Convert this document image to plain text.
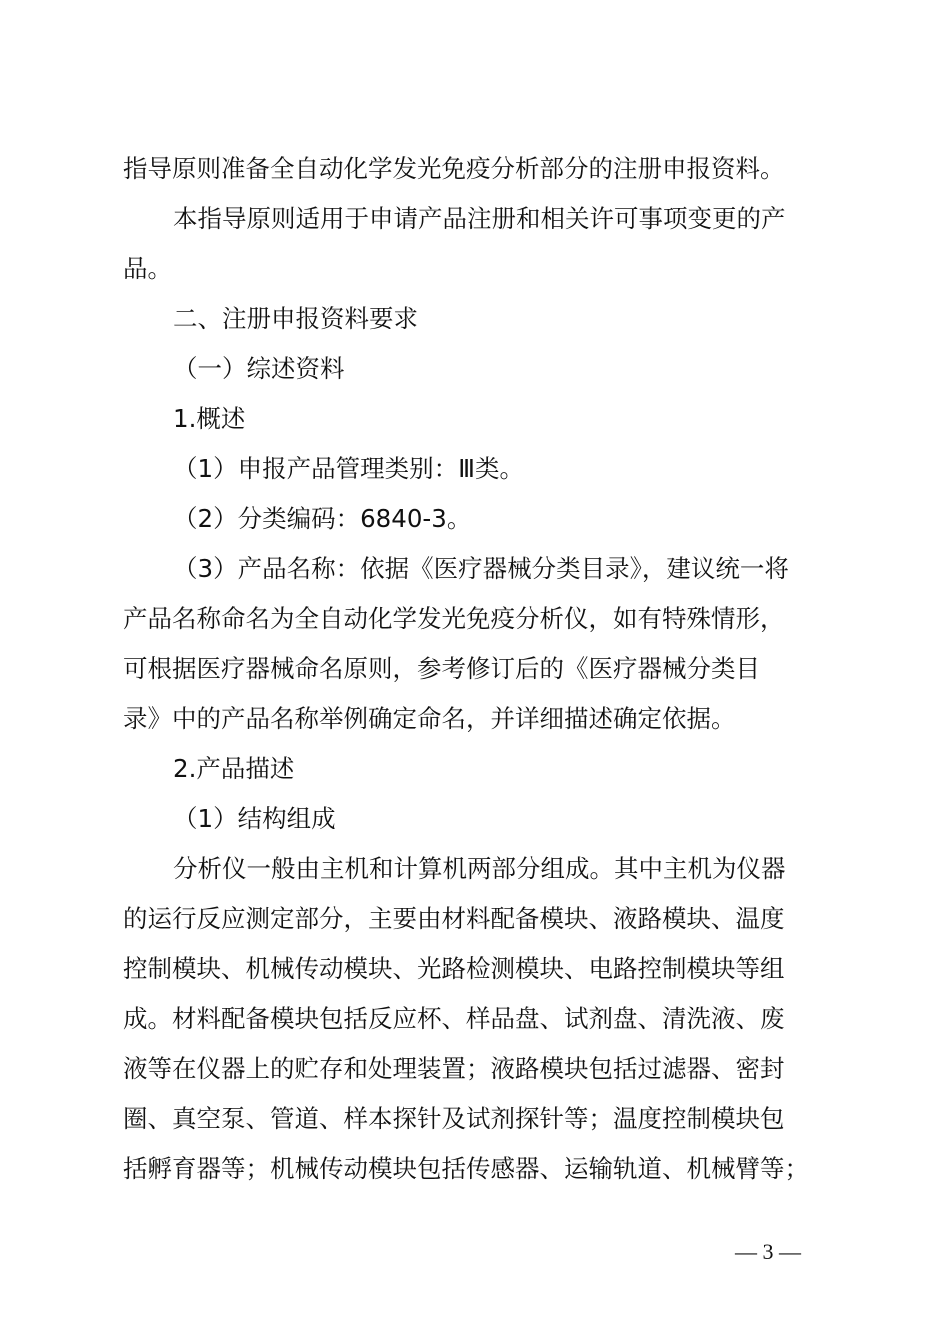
指导原则准备全自动化学发光免疫分析部分的注册申报资料。
本指导原则适用于申请产品注册和相关许可事项变更的产
品。
二、注册申报资料要求
（一）综述资料
1.概述
（1）申报产品管理类别：Ⅲ类。
（2）分类编码：6840-3。
（3）产品名称：依据《医疗器械分类目录》，建议统一将
产品名称命名为全自动化学发光免疫分析仪，如有特殊情形，
可根据医疗器械命名原则，参考修订后的《医疗器械分类目
录》中的产品名称举例确定命名，并详细描述确定依据。
2.产品描述
（1）结构组成
分析仪一般由主机和计算机两部分组成。其中主机为仪器
的运行反应测定部分，主要由材料配备模块、液路模块、温度
控制模块、机械传动模块、光路检测模块、电路控制模块等组
成。材料配备模块包括反应杯、样品盘、试剂盘、清洗液、废
液等在仪器上的贮存和处理装置；液路模块包括过滤器、密封
圈、真空泵、管道、样本探针及试剂探针等；温度控制模块包
括孵育器等；机械传动模块包括传感器、运输轨道、机械臂等；
— 3 —
